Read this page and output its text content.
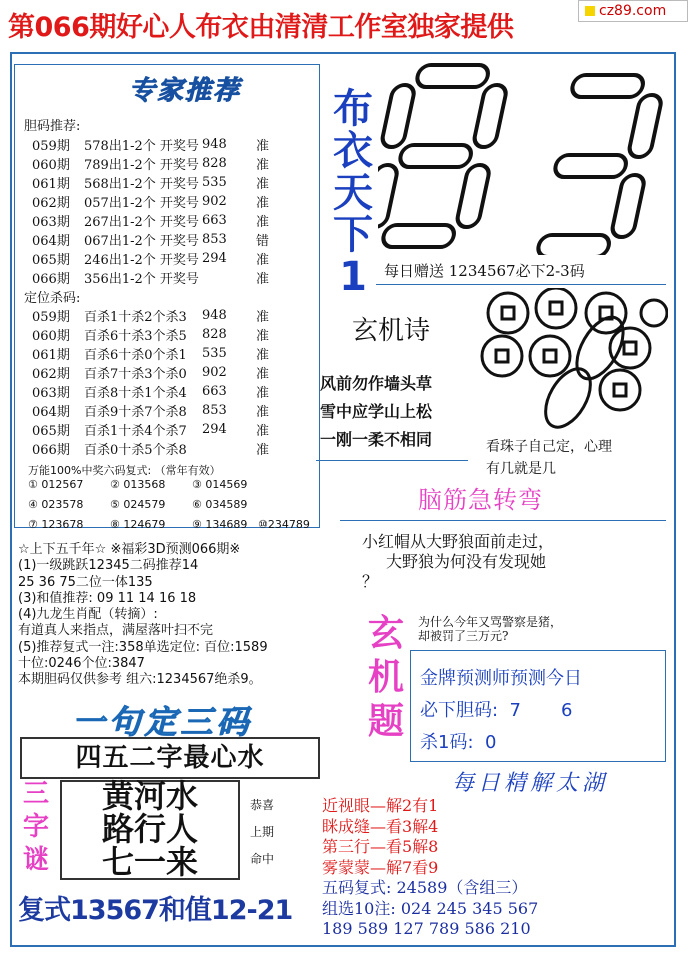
第066期好心人布衣由清清工作室独家提供
cz89.com
专家推荐
胆码推荐:
059期	578出1-2个 开奖号	948	准
060期	789出1-2个 开奖号	828	准
061期	568出1-2个 开奖号	535	准
062期	057出1-2个 开奖号	902	准
063期	267出1-2个 开奖号	663	准
064期	067出1-2个 开奖号	853	错
065期	246出1-2个 开奖号	294	准
066期	356出1-2个 开奖号		准
定位杀码:
059期	百杀1十杀2个杀3	948	准
060期	百杀6十杀3个杀5	828	准
061期	百杀6十杀0个杀1	535	准
062期	百杀7十杀3个杀0	902	准
063期	百杀8十杀1个杀4	663	准
064期	百杀9十杀7个杀8	853	准
065期	百杀1十杀4个杀7	294	准
066期	百杀0十杀5个杀8		准
万能100%中奖六码复式: （常年有效）
① 012567 ② 013568 ③ 014569
④ 023578 ⑤ 024579 ⑥ 034589
⑦ 123678 ⑧ 124679 ⑨ 134689 ⑩234789
☆上下五千年☆ ※福彩3D预测066期※
(1)一级跳跃12345二码推荐14
25 36 75二位一体135
(3)和值推荐: 09 11 14 16 18
(4)九龙生肖配（转摘）:
有道真人来指点，满屋落叶扫不完
(5)推荐复式一注:358单选定位: 百位:1589
十位:0246个位:3847
本期胆码仅供参考 组六:1234567绝杀9。
一句定三码
四五二字最心水
三字谜
黄河水
路行人
七一来
恭喜
上期
命中
复式13567和值12-21
布衣天下1	每日赠送 1234567必下2-3码
玄机诗
风前勿作墙头草
雪中应学山上松
一刚一柔不相同	看珠子自己定，心理
有几就是几
脑筋急转弯
小红帽从大野狼面前走过，
大野狼为何没有发现她
？
为什么今年又骂警察是猪，
却被罚了三万元?
玄机题
金牌预测师预测今日
必下胆码:  7       6
杀1码:  0
每日精解太湖
近视眼—解2有1
眯成缝—看3解4
第三行—看5解8
雾蒙蒙—解7看9
五码复式: 24589（含组三）
组选10注: 024 245 345 567
189 589 127 789 586 210
